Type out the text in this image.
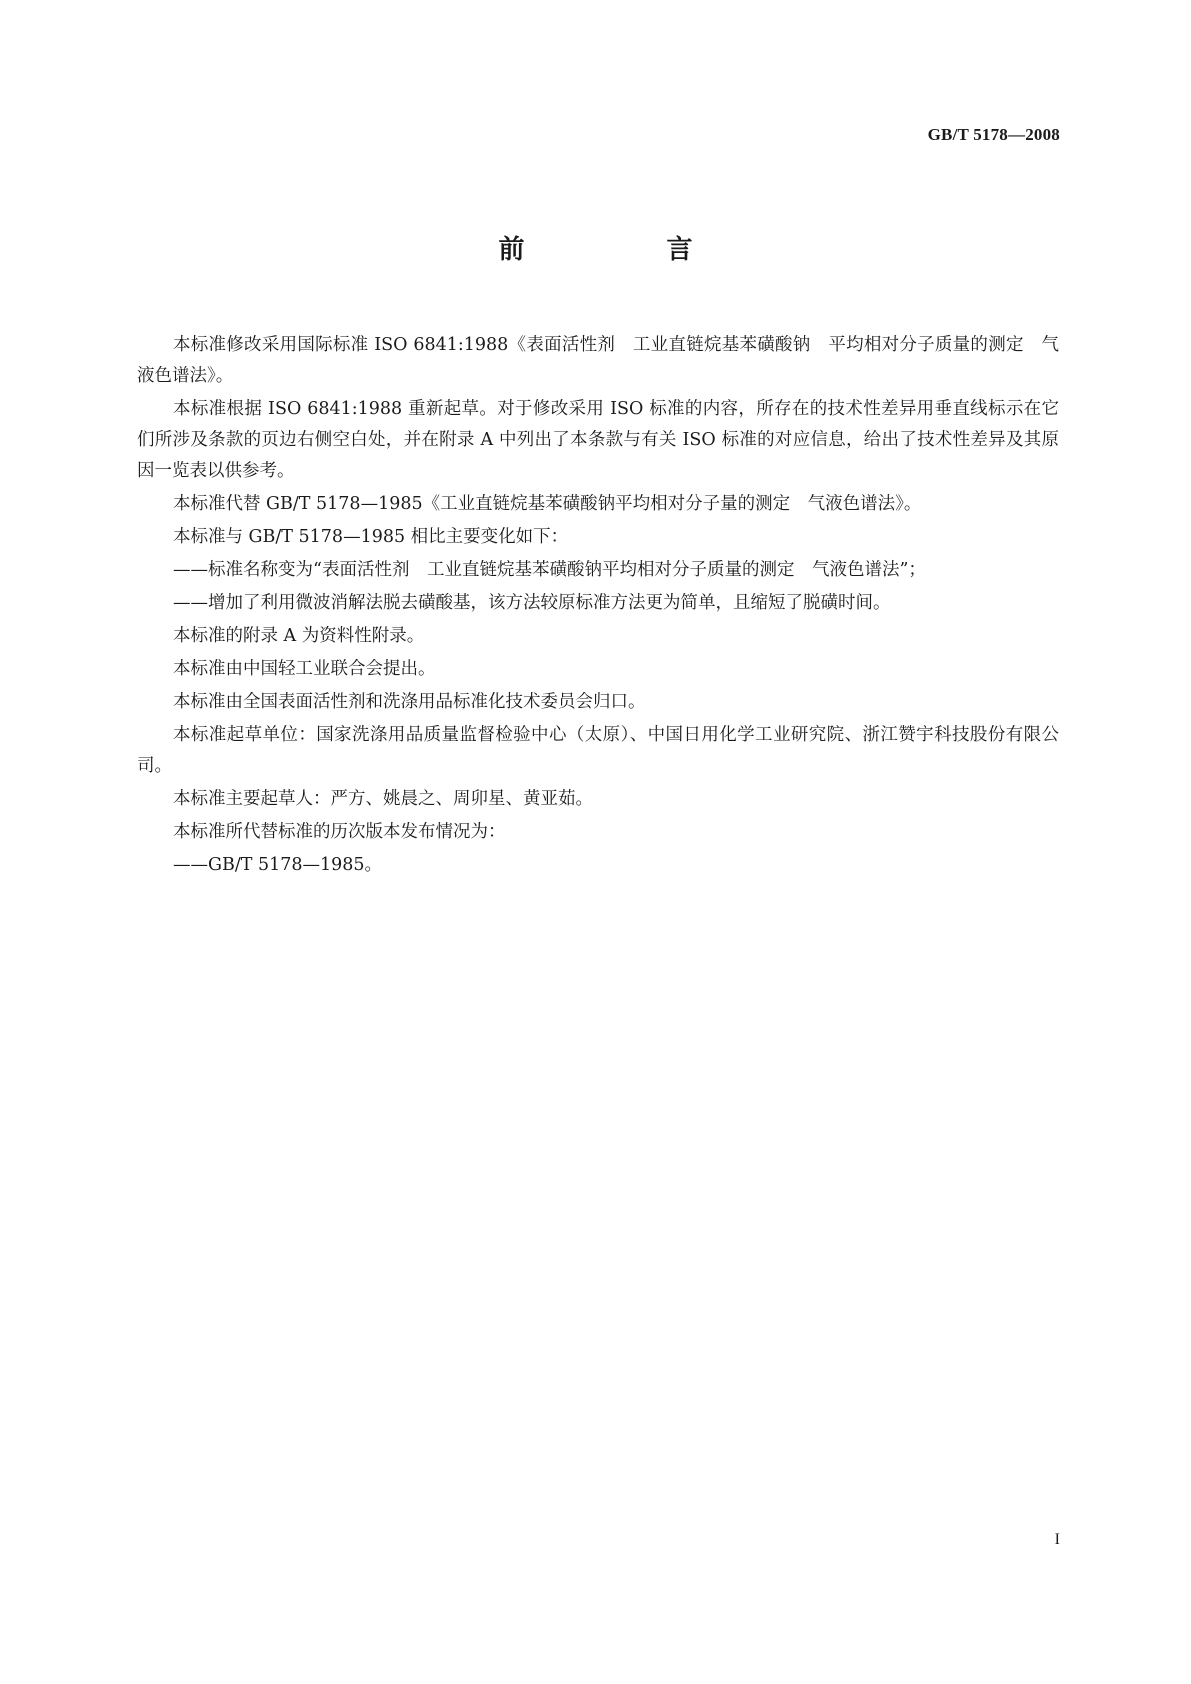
GB/T 5178—2008
前　言

本标准修改采用国际标准 ISO 6841:1988《表面活性剂　工业直链烷基苯磺酸钠　平均相对分子质量的测定　气液色谱法》。

本标准根据 ISO 6841:1988 重新起草。对于修改采用 ISO 标准的内容，所存在的技术性差异用垂直线标示在它们所涉及条款的页边右侧空白处，并在附录 A 中列出了本条款与有关 ISO 标准的对应信息，给出了技术性差异及其原因一览表以供参考。

本标准代替 GB/T 5178—1985《工业直链烷基苯磺酸钠平均相对分子量的测定　气液色谱法》。

本标准与 GB/T 5178—1985 相比主要变化如下：

——标准名称变为“表面活性剂　工业直链烷基苯磺酸钠平均相对分子质量的测定　气液色谱法”；

——增加了利用微波消解法脱去磺酸基，该方法较原标准方法更为简单，且缩短了脱磺时间。

本标准的附录 A 为资料性附录。

本标准由中国轻工业联合会提出。

本标准由全国表面活性剂和洗涤用品标准化技术委员会归口。

本标准起草单位：国家洗涤用品质量监督检验中心（太原）、中国日用化学工业研究院、浙江赞宇科技股份有限公司。

本标准主要起草人：严方、姚晨之、周卯星、黄亚茹。

本标准所代替标准的历次版本发布情况为：

——GB/T 5178—1985。

I
